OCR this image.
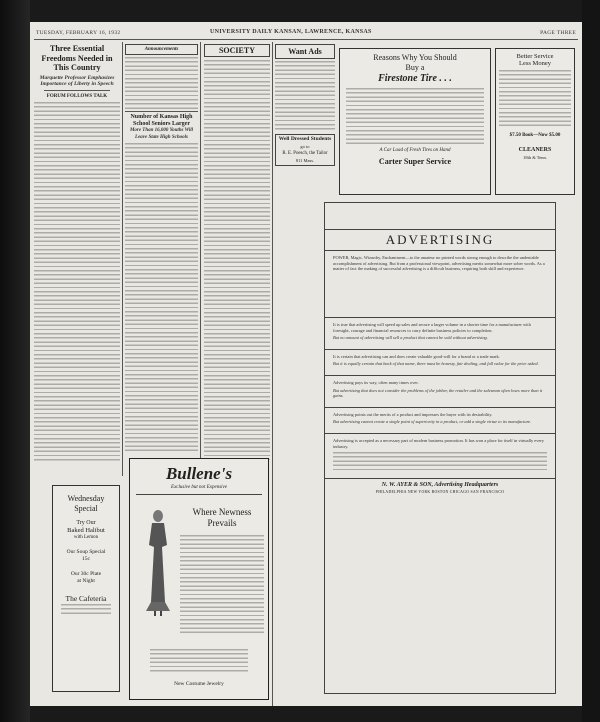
TUESDAY, FEBRUARY 16, 1932	UNIVERSITY DAILY KANSAN, LAWRENCE, KANSAS	PAGE THREE
Three Essential Freedoms Needed in This Country
Marquette Professor Emphasizes Importance of Liberty in Speech
FORUM FOLLOWS TALK
Announcements
Number of Kansas High School Seniors Larger
More Than 16,000 Youths Will Leave State High Schools
SOCIETY	Want Ads
Well Dressed Students
go to
R. E. Poesch, the Tailor
811 Mass.
Reasons Why You Should
Buy a
Firestone Tire . . .
A Car Load of Fresh Tires on Hand
Carter Super Service
Better Service
Less Money
$7.50 Book—Now $5.00
CLEANERS
18th & Tenn.
Wednesday
Special
Try Our
Baked Halibut
with Lemon
Our Soup Special
15c
Our 30c Plate
at Night
The Cafeteria
Bullene's
Exclusive but not Expensive
Where Newness
Prevails
New Costume Jewelry
ADVERTISING
POWER, Magic, Wizardry, Enchantment—to the amateur no printed words strong enough to describe the undeniable accomplishment of advertising. But from a professional viewpoint, advertising merits somewhat more sober words. As a matter of fact the making of successful advertising is a difficult business, requiring both skill and experience.
It is true that advertising will speed up sales and secure a larger volume in a shorter time for a manufacturer with foresight, courage and financial resources to carry definite business policies to completion.
But no amount of advertising will sell a product that cannot be sold without advertising.
It is certain that advertising can and does create valuable good-will for a brand or a trade mark.
But it is equally certain that back of that name, there must be honesty, fair dealing, and full value for the price asked.
Advertising pays its way, often many times over.
But advertising that does not consider the problems of the jobber, the retailer and the salesman often loses more than it gains.
Advertising points out the merits of a product and impresses the buyer with its desirability.
But advertising cannot create a single point of superiority in a product, or add a single virtue to its manufacture.
Advertising is accepted as a necessary part of modern business promotion. It has won a place for itself in virtually every industry.
N. W. AYER & SON, Advertising Headquarters
PHILADELPHIA NEW YORK BOSTON CHICAGO SAN FRANCISCO
